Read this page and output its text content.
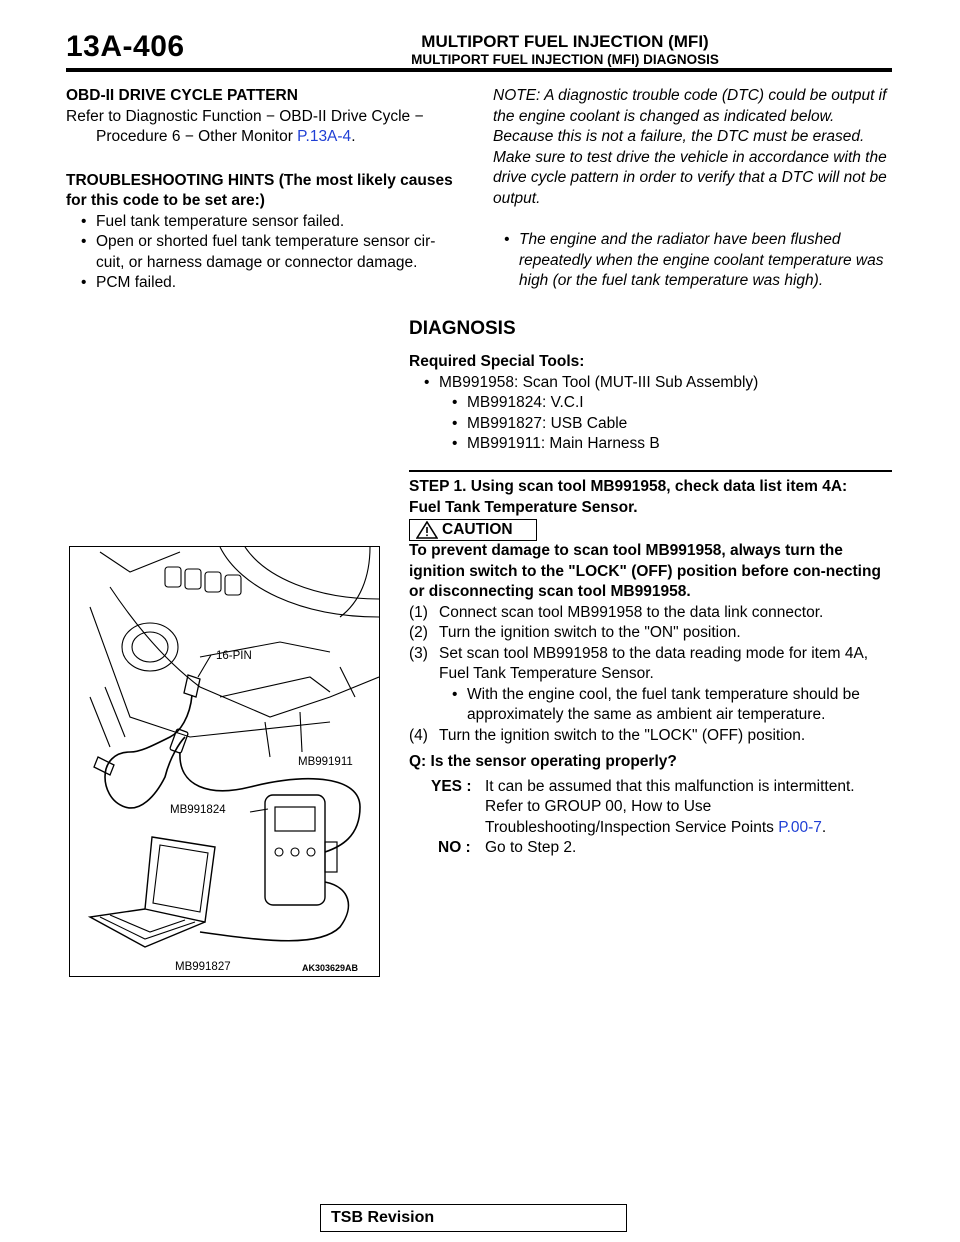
13A-406	MULTIPORT FUEL INJECTION (MFI)
MULTIPORT FUEL INJECTION (MFI) DIAGNOSIS
OBD-II DRIVE CYCLE PATTERN
Refer to Diagnostic Function − OBD-II Drive Cycle − Procedure 6 − Other Monitor P.13A-4.
TROUBLESHOOTING HINTS (The most likely causes for this code to be set are:)
• Fuel tank temperature sensor failed.
• Open or shorted fuel tank temperature sensor cir-cuit, or harness damage or connector damage.
• PCM failed.
NOTE: A diagnostic trouble code (DTC) could be output if the engine coolant is changed as indicated below. Because this is not a failure, the DTC must be erased.
Make sure to test drive the vehicle in accordance with the drive cycle pattern in order to verify that a DTC will not be output.
• The engine and the radiator have been flushed repeatedly when the engine coolant temperature was high (or the fuel tank temperature was high).
DIAGNOSIS
Required Special Tools:
• MB991958: Scan Tool (MUT-III Sub Assembly)
• MB991824: V.C.I
• MB991827: USB Cable
• MB991911: Main Harness B
STEP 1. Using scan tool MB991958, check data list item 4A: Fuel Tank Temperature Sensor.
CAUTION
To prevent damage to scan tool MB991958, always turn the ignition switch to the "LOCK" (OFF) position before con-necting or disconnecting scan tool MB991958.
(1) Connect scan tool MB991958 to the data link connector.
(2) Turn the ignition switch to the "ON" position.
(3) Set scan tool MB991958 to the data reading mode for item 4A, Fuel Tank Temperature Sensor.
• With the engine cool, the fuel tank temperature should be approximately the same as ambient air temperature.
(4) Turn the ignition switch to the "LOCK" (OFF) position.
Q: Is the sensor operating properly?
YES : It can be assumed that this malfunction is intermittent. Refer to GROUP 00, How to Use Troubleshooting/Inspection Service Points P.00-7.
NO : Go to Step 2.
16-PIN
MB991911
MB991824
MB991827	AK303629AB
TSB Revision
